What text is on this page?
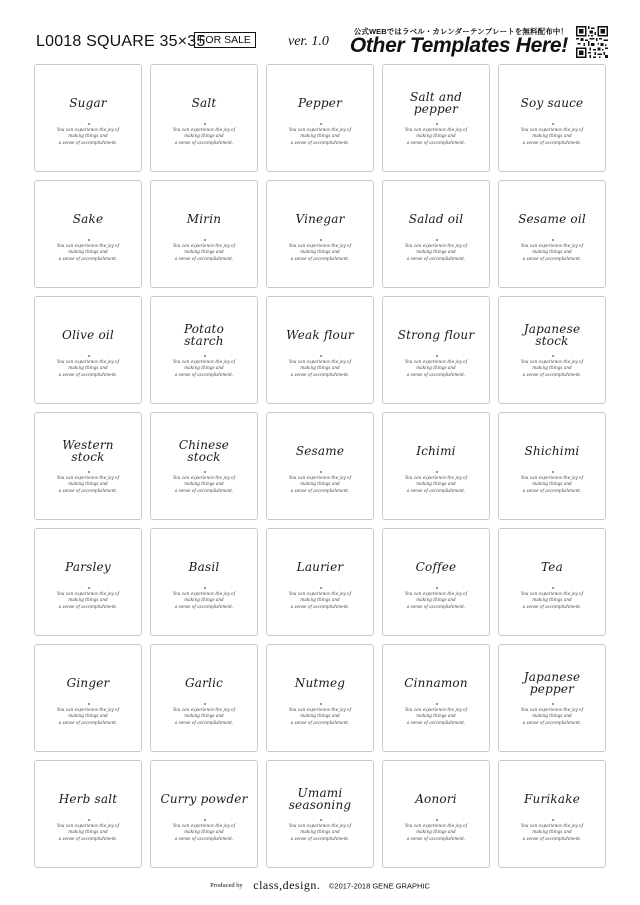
L0018 SQUARE 35×35
FOR SALE	ver. 1.0
公式WEBではラベル・カレンダーテンプレートを無料配布中！
Other Templates Here!
Sugar
You can experience the joy of
making things and
a sense of accomplishment.
Salt
You can experience the joy of
making things and
a sense of accomplishment.
Pepper
You can experience the joy of
making things and
a sense of accomplishment.
Salt and
pepper
You can experience the joy of
making things and
a sense of accomplishment.
Soy sauce
You can experience the joy of
making things and
a sense of accomplishment.
Sake
You can experience the joy of
making things and
a sense of accomplishment.
Mirin
You can experience the joy of
making things and
a sense of accomplishment.
Vinegar
You can experience the joy of
making things and
a sense of accomplishment.
Salad oil
You can experience the joy of
making things and
a sense of accomplishment.
Sesame oil
You can experience the joy of
making things and
a sense of accomplishment.
Olive oil
You can experience the joy of
making things and
a sense of accomplishment.
Potato
starch
You can experience the joy of
making things and
a sense of accomplishment.
Weak flour
You can experience the joy of
making things and
a sense of accomplishment.
Strong flour
You can experience the joy of
making things and
a sense of accomplishment.
Japanese
stock
You can experience the joy of
making things and
a sense of accomplishment.
Western
stock
You can experience the joy of
making things and
a sense of accomplishment.
Chinese
stock
You can experience the joy of
making things and
a sense of accomplishment.
Sesame
You can experience the joy of
making things and
a sense of accomplishment.
Ichimi
You can experience the joy of
making things and
a sense of accomplishment.
Shichimi
You can experience the joy of
making things and
a sense of accomplishment.
Parsley
You can experience the joy of
making things and
a sense of accomplishment.
Basil
You can experience the joy of
making things and
a sense of accomplishment.
Laurier
You can experience the joy of
making things and
a sense of accomplishment.
Coffee
You can experience the joy of
making things and
a sense of accomplishment.
Tea
You can experience the joy of
making things and
a sense of accomplishment.
Ginger
You can experience the joy of
making things and
a sense of accomplishment.
Garlic
You can experience the joy of
making things and
a sense of accomplishment.
Nutmeg
You can experience the joy of
making things and
a sense of accomplishment.
Cinnamon
You can experience the joy of
making things and
a sense of accomplishment.
Japanese
pepper
You can experience the joy of
making things and
a sense of accomplishment.
Herb salt
You can experience the joy of
making things and
a sense of accomplishment.
Curry powder
You can experience the joy of
making things and
a sense of accomplishment.
Umami
seasoning
You can experience the joy of
making things and
a sense of accomplishment.
Aonori
You can experience the joy of
making things and
a sense of accomplishment.
Furikake
You can experience the joy of
making things and
a sense of accomplishment.
Produced by class,design. ©2017-2018 GENE GRAPHIC
